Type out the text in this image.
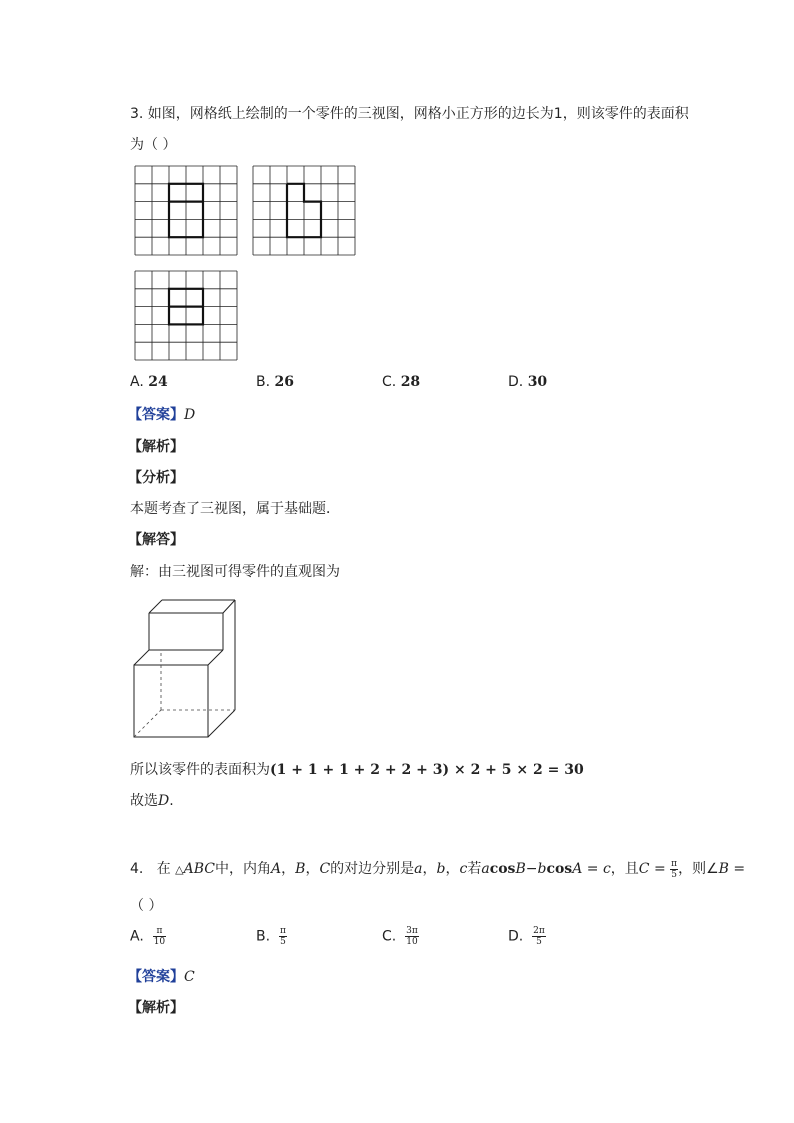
3. 如图，网格纸上绘制的一个零件的三视图，网格小正方形的边长为1，则该零件的表面积
为（ ）
A. 24	B. 26	C. 28	D. 30
【答案】D
【解析】
【分析】
本题考查了三视图，属于基础题．
【解答】
解：由三视图可得零件的直观图为
所以该零件的表面积为(1 + 1 + 1 + 2 + 2 + 3) × 2 + 5 × 2 = 30
故选D.
4. 在 △ABC中，内角A，B，C的对边分别是a，b，c若acosB−bcosA = c，且$C = \frac{\pi}{5}$ ，则∠B =
（ ）
A. $\frac{\pi}{10}$	B. $\frac{\pi}{5}$	C. $\frac{3\pi}{10}$	D. $\frac{2\pi}{5}$
【答案】C
【解析】
